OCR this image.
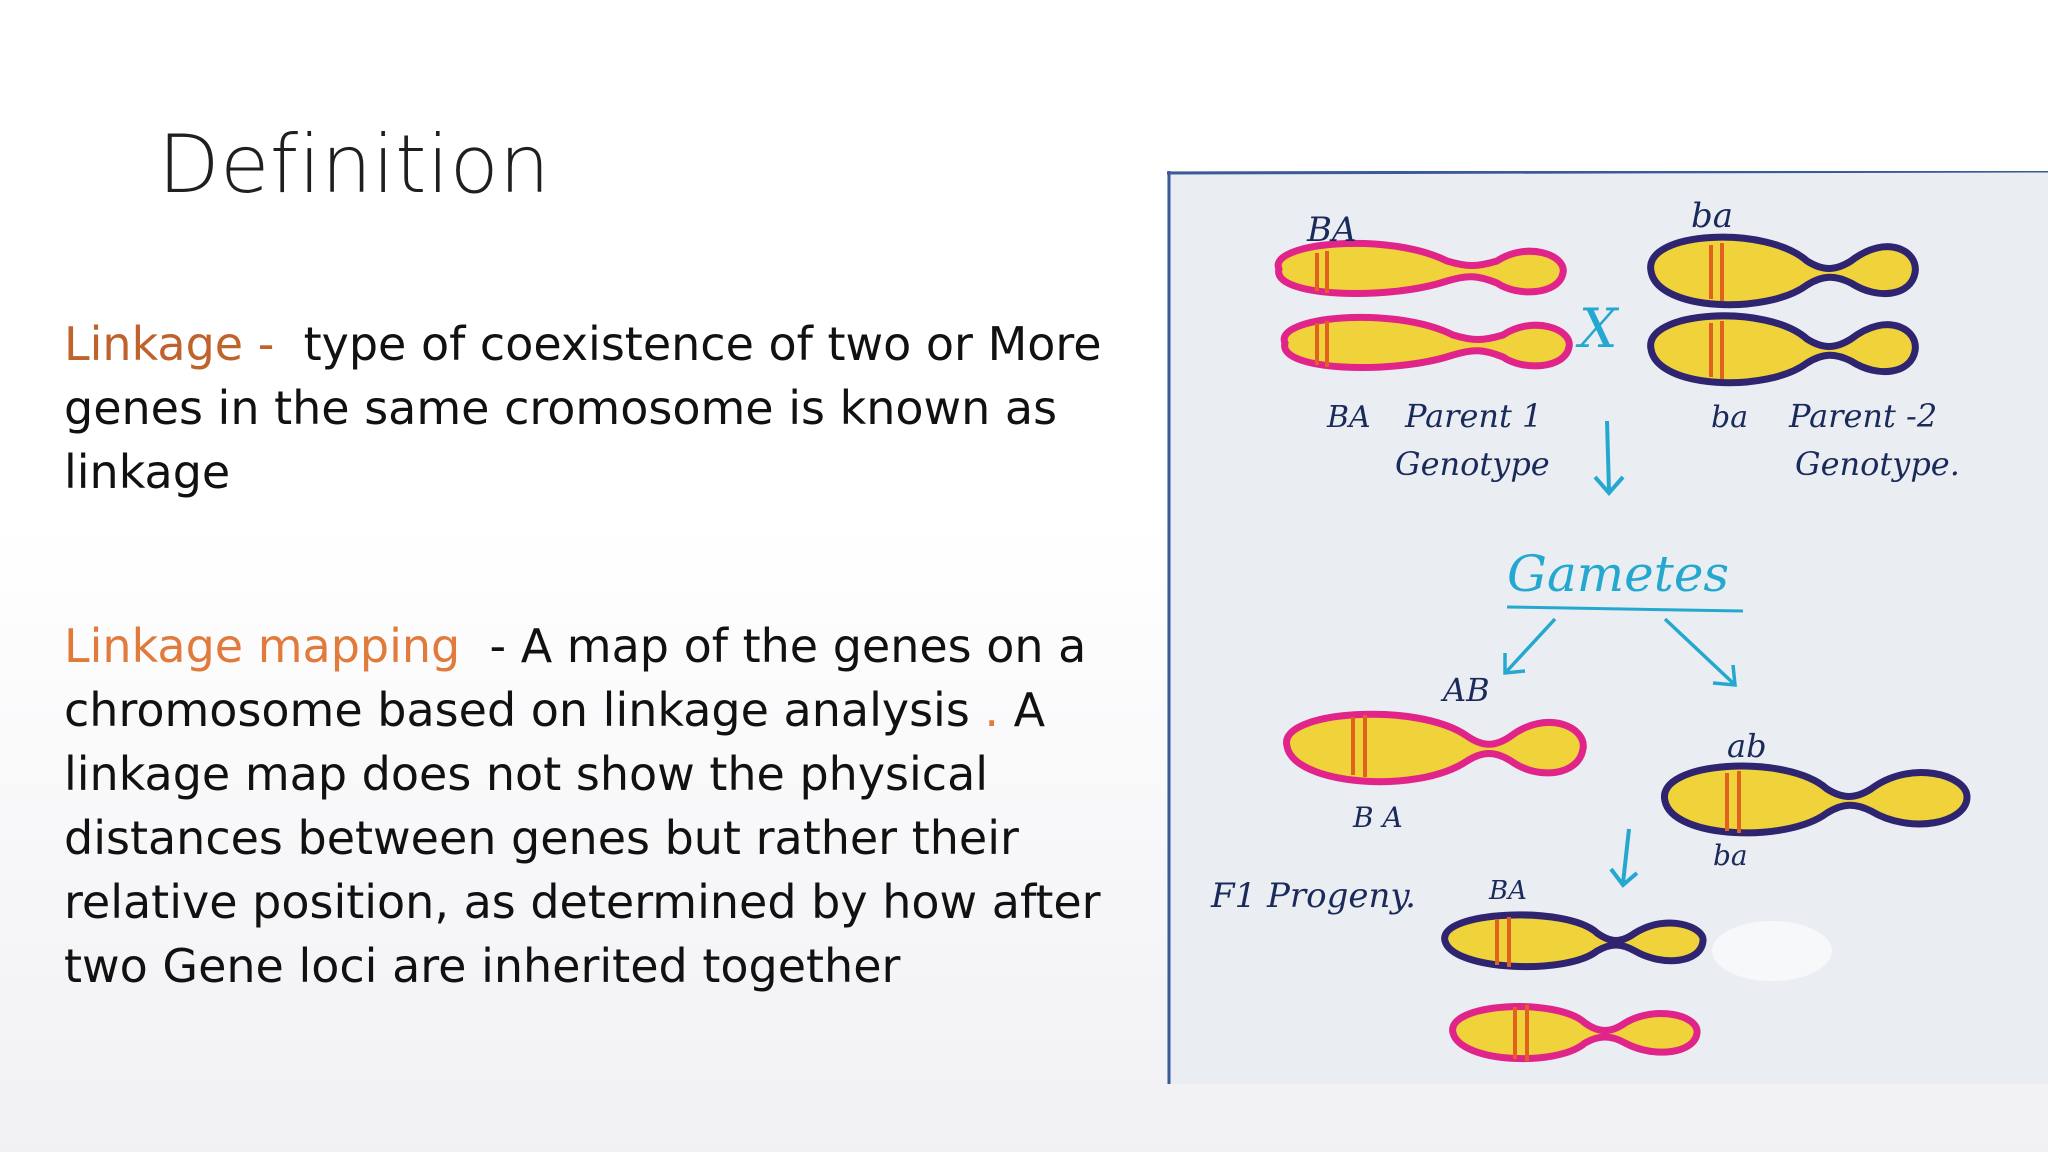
Definition
Linkage - type of coexistence of two or More genes in the same cromosome is known as linkage
Linkage mapping - A map of the genes on a chromosome based on linkage analysis . A linkage map does not show the physical distances between genes but rather their relative position, as determined by how after two Gene loci are inherited together
BA
X
ba
BA Parent 1
Genotype
ba Parent -2
Genotype.
Gametes
AB
B A
ab
ba
F1 Progeny.	BA
